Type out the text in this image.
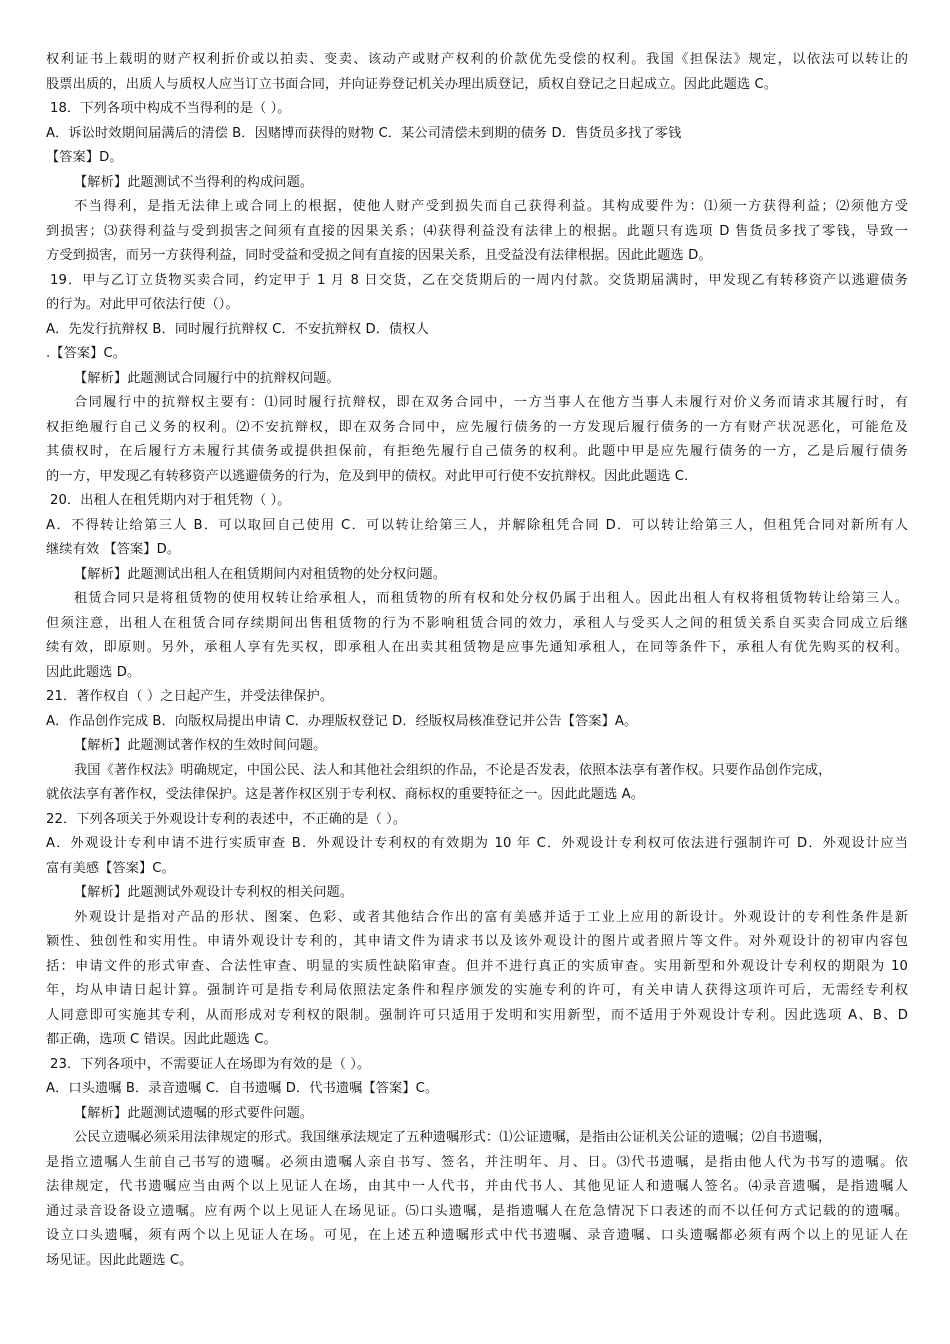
权利证书上载明的财产权利折价或以拍卖、变卖、该动产或财产权利的价款优先受偿的权利。我国《担保法》规定，以依法可以转让的
股票出质的，出质人与质权人应当订立书面合同，并向证券登记机关办理出质登记，质权自登记之日起成立。因此此题选 C。
18．下列各项中构成不当得利的是（ ）。
A．诉讼时效期间届满后的清偿 B．因赌博而获得的财物 C．某公司清偿未到期的债务 D．售货员多找了零钱
【答案】D。
【解析】此题测试不当得利的构成问题。
不当得利，是指无法律上或合同上的根据，使他人财产受到损失而自己获得利益。其构成要件为：⑴须一方获得利益；⑵须他方受
到损害；⑶获得利益与受到损害之间须有直接的因果关系；⑷获得利益没有法律上的根据。此题只有选项 D 售货员多找了零钱，导致一
方受到损害，而另一方获得利益，同时受益和受损之间有直接的因果关系，且受益没有法律根据。因此此题选 D。
19．甲与乙订立货物买卖合同，约定甲于 1 月 8 日交货，乙在交货期后的一周内付款。交货期届满时，甲发现乙有转移资产以逃避债务
的行为。对此甲可依法行使（）。
A．先发行抗辩权 B．同时履行抗辩权 C．不安抗辩权 D．债权人
.【答案】C。
【解析】此题测试合同履行中的抗辩权问题。
合同履行中的抗辩权主要有：⑴同时履行抗辩权，即在双务合同中，一方当事人在他方当事人未履行对价义务而请求其履行时，有
权拒绝履行自己义务的权利。⑵不安抗辩权，即在双务合同中，应先履行债务的一方发现后履行债务的一方有财产状况恶化，可能危及
其债权时，在后履行方未履行其债务或提供担保前，有拒绝先履行自己债务的权利。此题中甲是应先履行债务的一方，乙是后履行债务
的一方，甲发现乙有转移资产以逃避债务的行为，危及到甲的债权。对此甲可行使不安抗辩权。因此此题选 C.
20．出租人在租凭期内对于租凭物（ ）。
A．不得转让给第三人 B．可以取回自己使用 C．可以转让给第三人，并解除租凭合同 D．可以转让给第三人，但租凭合同对新所有人
继续有效 【答案】D。
【解析】此题测试出租人在租赁期间内对租赁物的处分权问题。
租赁合同只是将租赁物的使用权转让给承租人，而租赁物的所有权和处分权仍属于出租人。因此出租人有权将租赁物转让给第三人。
但须注意，出租人在租赁合同存续期间出售租赁物的行为不影响租赁合同的效力，承租人与受买人之间的租赁关系自买卖合同成立后继
续有效，即原则。另外，承租人享有先买权，即承租人在出卖其租赁物是应事先通知承租人，在同等条件下，承租人有优先购买的权利。
因此此题选 D。
21．著作权自（ ）之日起产生，并受法律保护。
A．作品创作完成 B．向版权局提出申请 C．办理版权登记 D．经版权局核准登记并公告【答案】A。
【解析】此题测试著作权的生效时间问题。
我国《著作权法》明确规定，中国公民、法人和其他社会组织的作品，不论是否发表，依照本法享有著作权。只要作品创作完成，
就依法享有著作权，受法律保护。这是著作权区别于专利权、商标权的重要特征之一。因此此题选 A。
22．下列各项关于外观设计专利的表述中，不正确的是（ ）。
A．外观设计专利申请不进行实质审查 B．外观设计专利权的有效期为 10 年 C．外观设计专利权可依法进行强制许可 D．外观设计应当
富有美感【答案】C。
【解析】此题测试外观设计专利权的相关问题。
外观设计是指对产品的形状、图案、色彩、或者其他结合作出的富有美感并适于工业上应用的新设计。外观设计的专利性条件是新
颖性、独创性和实用性。申请外观设计专利的，其申请文件为请求书以及该外观设计的图片或者照片等文件。对外观设计的初审内容包
括：申请文件的形式审查、合法性审查、明显的实质性缺陷审查。但并不进行真正的实质审查。实用新型和外观设计专利权的期限为 10
年，均从申请日起计算。强制许可是指专利局依照法定条件和程序颁发的实施专利的许可，有关申请人获得这项许可后，无需经专利权
人同意即可实施其专利，从而形成对专利权的限制。强制许可只适用于发明和实用新型，而不适用于外观设计专利。因此选项 A、B、D
都正确，选项 C 错误。因此此题选 C。
23．下列各项中，不需要证人在场即为有效的是（ ）。
A．口头遗嘱 B．录音遗嘱 C．自书遗嘱 D．代书遗嘱【答案】C。
【解析】此题测试遗嘱的形式要件问题。
公民立遗嘱必须采用法律规定的形式。我国继承法规定了五种遗嘱形式：⑴公证遗嘱，是指由公证机关公证的遗嘱；⑵自书遗嘱，
是指立遗嘱人生前自己书写的遗嘱。必须由遗嘱人亲自书写、签名，并注明年、月、日。⑶代书遗嘱，是指由他人代为书写的遗嘱。依
法律规定，代书遗嘱应当由两个以上见证人在场，由其中一人代书，并由代书人、其他见证人和遗嘱人签名。⑷录音遗嘱，是指遗嘱人
通过录音设备设立遗嘱。应有两个以上见证人在场见证。⑸口头遗嘱，是指遗嘱人在危急情况下口表述的而不以任何方式记载的的遗嘱。
设立口头遗嘱，须有两个以上见证人在场。可见，在上述五种遗嘱形式中代书遗嘱、录音遗嘱、口头遗嘱都必须有两个以上的见证人在
场见证。因此此题选 C。
